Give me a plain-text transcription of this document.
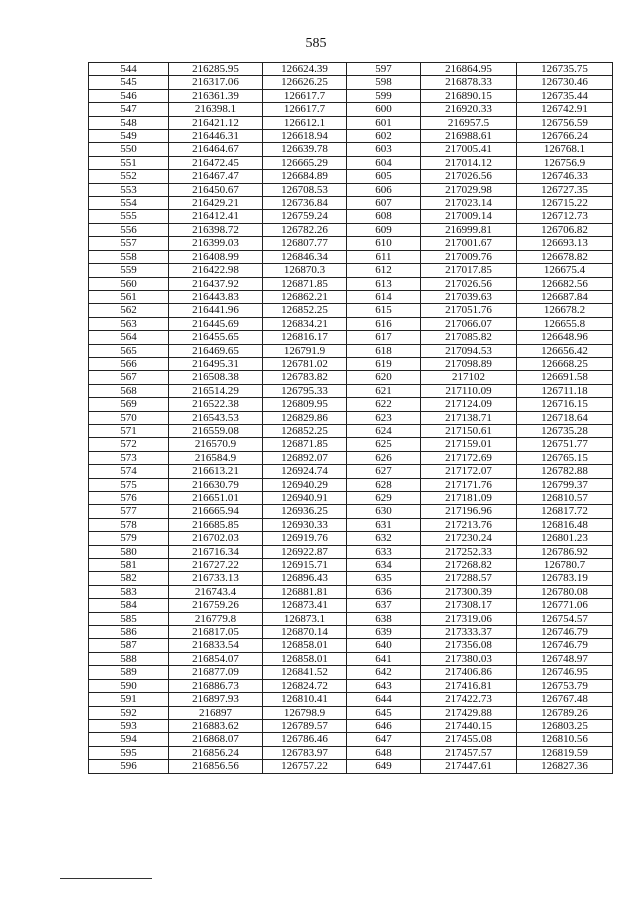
585
544	216285.95	126624.39	597	216864.95	126735.75
545	216317.06	126626.25	598	216878.33	126730.46
546	216361.39	126617.7	599	216890.15	126735.44
547	216398.1	126617.7	600	216920.33	126742.91
548	216421.12	126612.1	601	216957.5	126756.59
549	216446.31	126618.94	602	216988.61	126766.24
550	216464.67	126639.78	603	217005.41	126768.1
551	216472.45	126665.29	604	217014.12	126756.9
552	216467.47	126684.89	605	217026.56	126746.33
553	216450.67	126708.53	606	217029.98	126727.35
554	216429.21	126736.84	607	217023.14	126715.22
555	216412.41	126759.24	608	217009.14	126712.73
556	216398.72	126782.26	609	216999.81	126706.82
557	216399.03	126807.77	610	217001.67	126693.13
558	216408.99	126846.34	611	217009.76	126678.82
559	216422.98	126870.3	612	217017.85	126675.4
560	216437.92	126871.85	613	217026.56	126682.56
561	216443.83	126862.21	614	217039.63	126687.84
562	216441.96	126852.25	615	217051.76	126678.2
563	216445.69	126834.21	616	217066.07	126655.8
564	216455.65	126816.17	617	217085.82	126648.96
565	216469.65	126791.9	618	217094.53	126656.42
566	216495.31	126781.02	619	217098.89	126668.25
567	216508.38	126783.82	620	217102	126691.58
568	216514.29	126795.33	621	217110.09	126711.18
569	216522.38	126809.95	622	217124.09	126716.15
570	216543.53	126829.86	623	217138.71	126718.64
571	216559.08	126852.25	624	217150.61	126735.28
572	216570.9	126871.85	625	217159.01	126751.77
573	216584.9	126892.07	626	217172.69	126765.15
574	216613.21	126924.74	627	217172.07	126782.88
575	216630.79	126940.29	628	217171.76	126799.37
576	216651.01	126940.91	629	217181.09	126810.57
577	216665.94	126936.25	630	217196.96	126817.72
578	216685.85	126930.33	631	217213.76	126816.48
579	216702.03	126919.76	632	217230.24	126801.23
580	216716.34	126922.87	633	217252.33	126786.92
581	216727.22	126915.71	634	217268.82	126780.7
582	216733.13	126896.43	635	217288.57	126783.19
583	216743.4	126881.81	636	217300.39	126780.08
584	216759.26	126873.41	637	217308.17	126771.06
585	216779.8	126873.1	638	217319.06	126754.57
586	216817.05	126870.14	639	217333.37	126746.79
587	216833.54	126858.01	640	217356.08	126746.79
588	216854.07	126858.01	641	217380.03	126748.97
589	216877.09	126841.52	642	217406.86	126746.95
590	216886.73	126824.72	643	217416.81	126753.79
591	216897.93	126810.41	644	217422.73	126767.48
592	216897	126798.9	645	217429.88	126789.26
593	216883.62	126789.57	646	217440.15	126803.25
594	216868.07	126786.46	647	217455.08	126810.56
595	216856.24	126783.97	648	217457.57	126819.59
596	216856.56	126757.22	649	217447.61	126827.36
